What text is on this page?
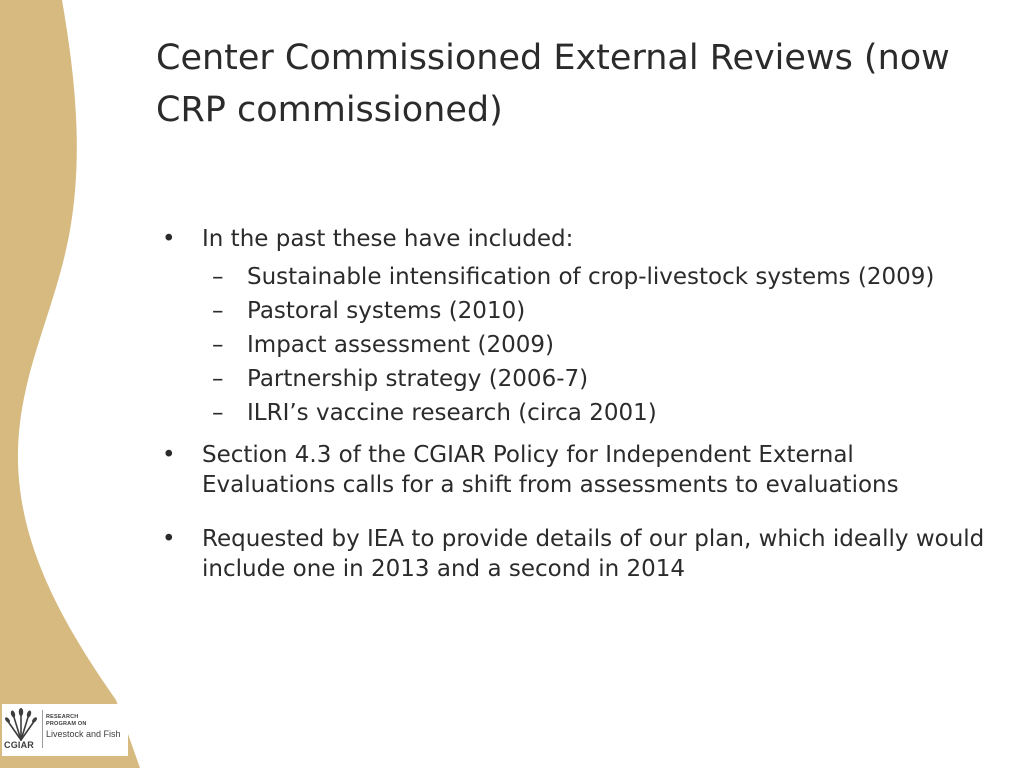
CGIAR
RESEARCH
PROGRAM ON
Livestock and Fish
Center Commissioned External Reviews (now CRP commissioned)
• In the past these have included:
– Sustainable intensification of crop-livestock systems (2009)
– Pastoral systems (2010)
– Impact assessment (2009)
– Partnership strategy (2006-7)
– ILRI’s vaccine research (circa 2001)
• Section 4.3 of the CGIAR Policy for Independent External Evaluations calls for a shift from assessments to evaluations
• Requested by IEA to provide details of our plan, which ideally would include one in 2013 and a second in 2014
